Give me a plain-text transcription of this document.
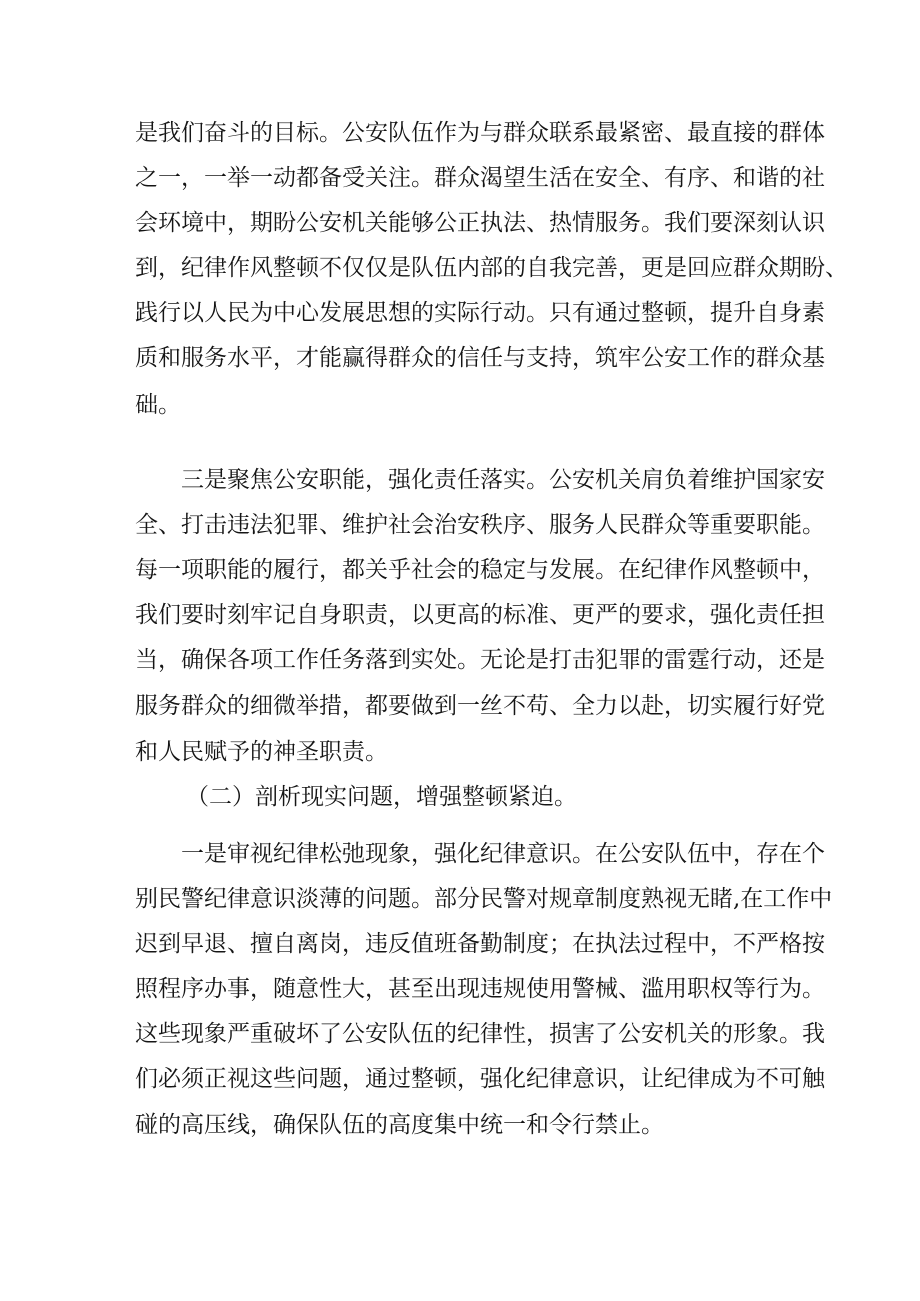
是我们奋斗的目标。公安队伍作为与群众联系最紧密、最直接的群体

之一，一举一动都备受关注。群众渴望生活在安全、有序、和谐的社

会环境中，期盼公安机关能够公正执法、热情服务。我们要深刻认识

到，纪律作风整顿不仅仅是队伍内部的自我完善，更是回应群众期盼、

践行以人民为中心发展思想的实际行动。只有通过整顿，提升自身素

质和服务水平，才能赢得群众的信任与支持，筑牢公安工作的群众基

础。

三是聚焦公安职能，强化责任落实。公安机关肩负着维护国家安

全、打击违法犯罪、维护社会治安秩序、服务人民群众等重要职能。

每一项职能的履行，都关乎社会的稳定与发展。在纪律作风整顿中，

我们要时刻牢记自身职责，以更高的标准、更严的要求，强化责任担

当，确保各项工作任务落到实处。无论是打击犯罪的雷霆行动，还是

服务群众的细微举措，都要做到一丝不苟、全力以赴，切实履行好党

和人民赋予的神圣职责。

（二）剖析现实问题，增强整顿紧迫。

一是审视纪律松弛现象，强化纪律意识。在公安队伍中，存在个

别民警纪律意识淡薄的问题。部分民警对规章制度熟视无睹,在工作中

迟到早退、擅自离岗，违反值班备勤制度；在执法过程中，不严格按

照程序办事，随意性大，甚至出现违规使用警械、滥用职权等行为。

这些现象严重破坏了公安队伍的纪律性，损害了公安机关的形象。我

们必须正视这些问题，通过整顿，强化纪律意识，让纪律成为不可触

碰的高压线，确保队伍的高度集中统一和令行禁止。
